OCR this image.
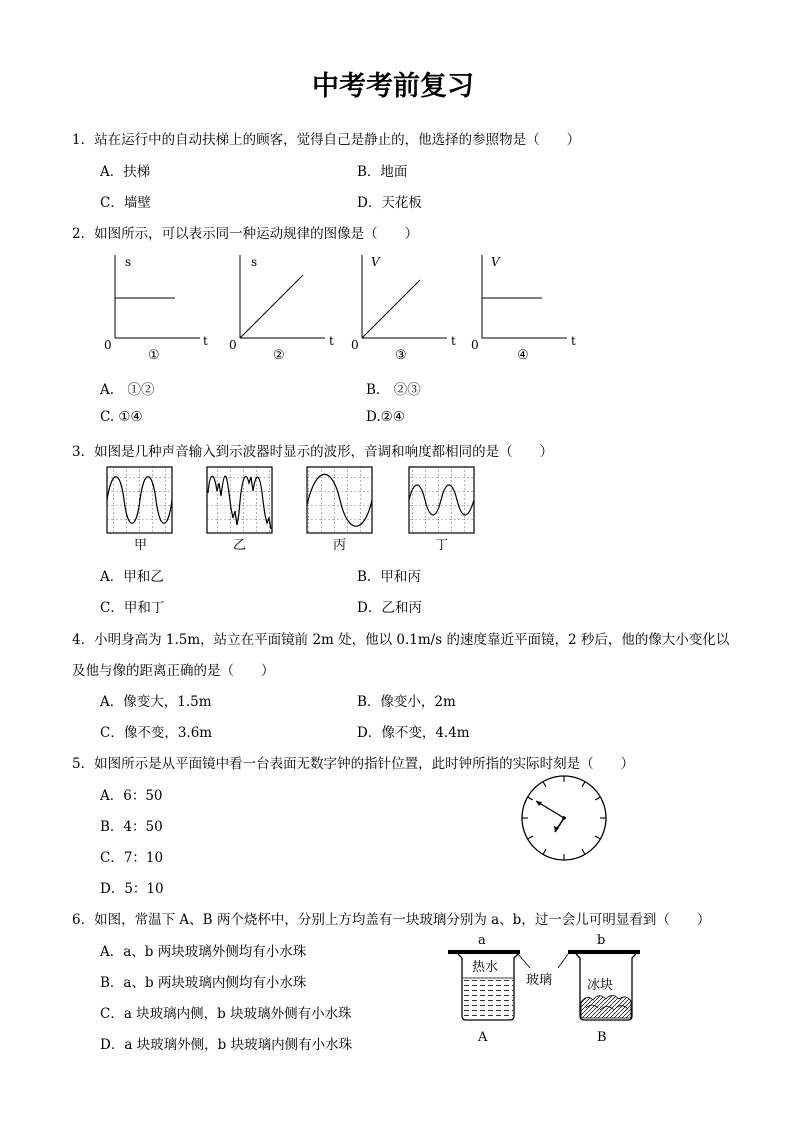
中考考前复习
1．站在运行中的自动扶梯上的顾客，觉得自己是静止的，他选择的参照物是（　　）
A．扶梯	B．地面
C．墙壁	D．天花板
2．如图所示，可以表示同一种运动规律的图像是（　　）
s
t
0
①
s
t
0
②
V
t
0
③
V
t
0
④
A.　①②	B.　②③
C. ①④	D.②④
3．如图是几种声音输入到示波器时显示的波形，音调和响度都相同的是（　　）
甲	乙	丙	丁
A．甲和乙	B．甲和丙
C．甲和丁	D．乙和丙
4．小明身高为 1.5m，站立在平面镜前 2m 处，他以 0.1m/s 的速度靠近平面镜，2 秒后，他的像大小变化以
及他与像的距离正确的是（　　）
A．像变大，1.5m	B．像变小，2m
C．像不变，3.6m	D．像不变，4.4m
5．如图所示是从平面镜中看一台表面无数字钟的指针位置，此时钟所指的实际时刻是（　　）
A．6：50
B．4：50
C．7：10
D．5：10
6．如图，常温下 A、B 两个烧杯中，分别上方均盖有一块玻璃分别为 a、b，过一会儿可明显看到（　　）
A．a、b 两块玻璃外侧均有小水珠
B．a、b 两块玻璃内侧均有小水珠
C．a 块玻璃内侧，b 块玻璃外侧有小水珠
D．a 块玻璃外侧，b 块玻璃内侧有小水珠
a
热水
A
b
冰块
B
玻璃
